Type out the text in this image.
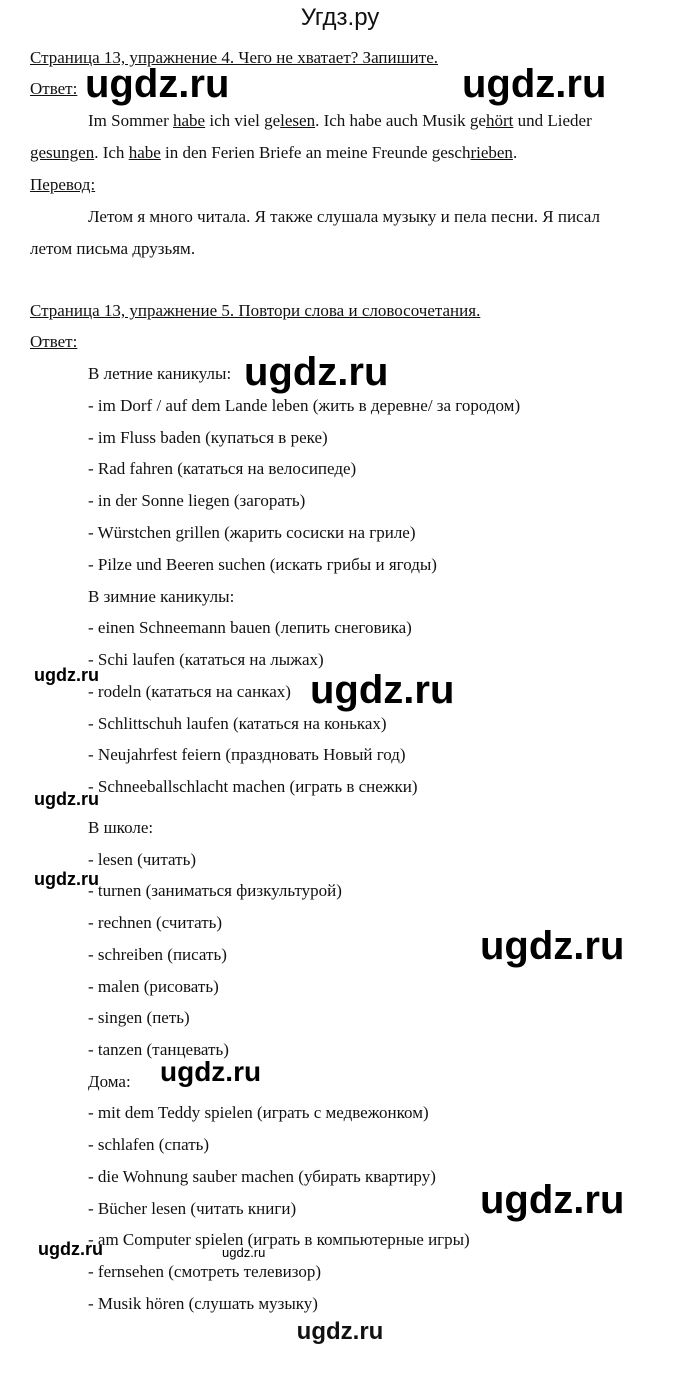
Угдз.ру
Страница 13, упражнение 4. Чего не хватает? Запишите.
Ответ:
Im Sommer habe ich viel gelesen. Ich habe auch Musik gehört und Lieder
gesungen. Ich habe in den Ferien Briefe an meine Freunde geschrieben.
Перевод:
Летом я много читала. Я также слушала музыку и пела песни. Я писал
летом письма друзьям.
Страница 13, упражнение 5. Повтори слова и словосочетания.
Ответ:
В летние каникулы:
- im Dorf / auf dem Lande leben (жить в деревне/ за городом)
- im Fluss baden (купаться в реке)
- Rad fahren (кататься на велосипеде)
- in der Sonne liegen (загорать)
- Würstchen grillen (жарить сосиски на гриле)
- Pilze und Beeren suchen (искать грибы и ягоды)
В зимние каникулы:
- einen Schneemann bauen (лепить снеговика)
- Schi laufen (кататься на лыжах)
- rodeln (кататься на санках)
- Schlittschuh laufen (кататься на коньках)
- Neujahrfest feiern (праздновать Новый год)
- Schneeballschlacht machen (играть в снежки)
В школе:
- lesen (читать)
- turnen (заниматься физкультурой)
- rechnen (считать)
- schreiben (писать)
- malen (рисовать)
- singen (петь)
- tanzen (танцевать)
Дома:
- mit dem Teddy spielen (играть с медвежонком)
- schlafen (спать)
- die Wohnung sauber machen (убирать квартиру)
- Bücher lesen (читать книги)
- am Computer spielen (играть в компьютерные игры)
- fernsehen (смотреть телевизор)
- Musik hören (слушать музыку)
ugdz.ru	ugdz.ru
ugdz.ru
ugdz.ru	ugdz.ru
ugdz.ru
ugdz.ru
ugdz.ru
ugdz.ru
ugdz.ru
ugdz.ru	ugdz.ru
ugdz.ru
